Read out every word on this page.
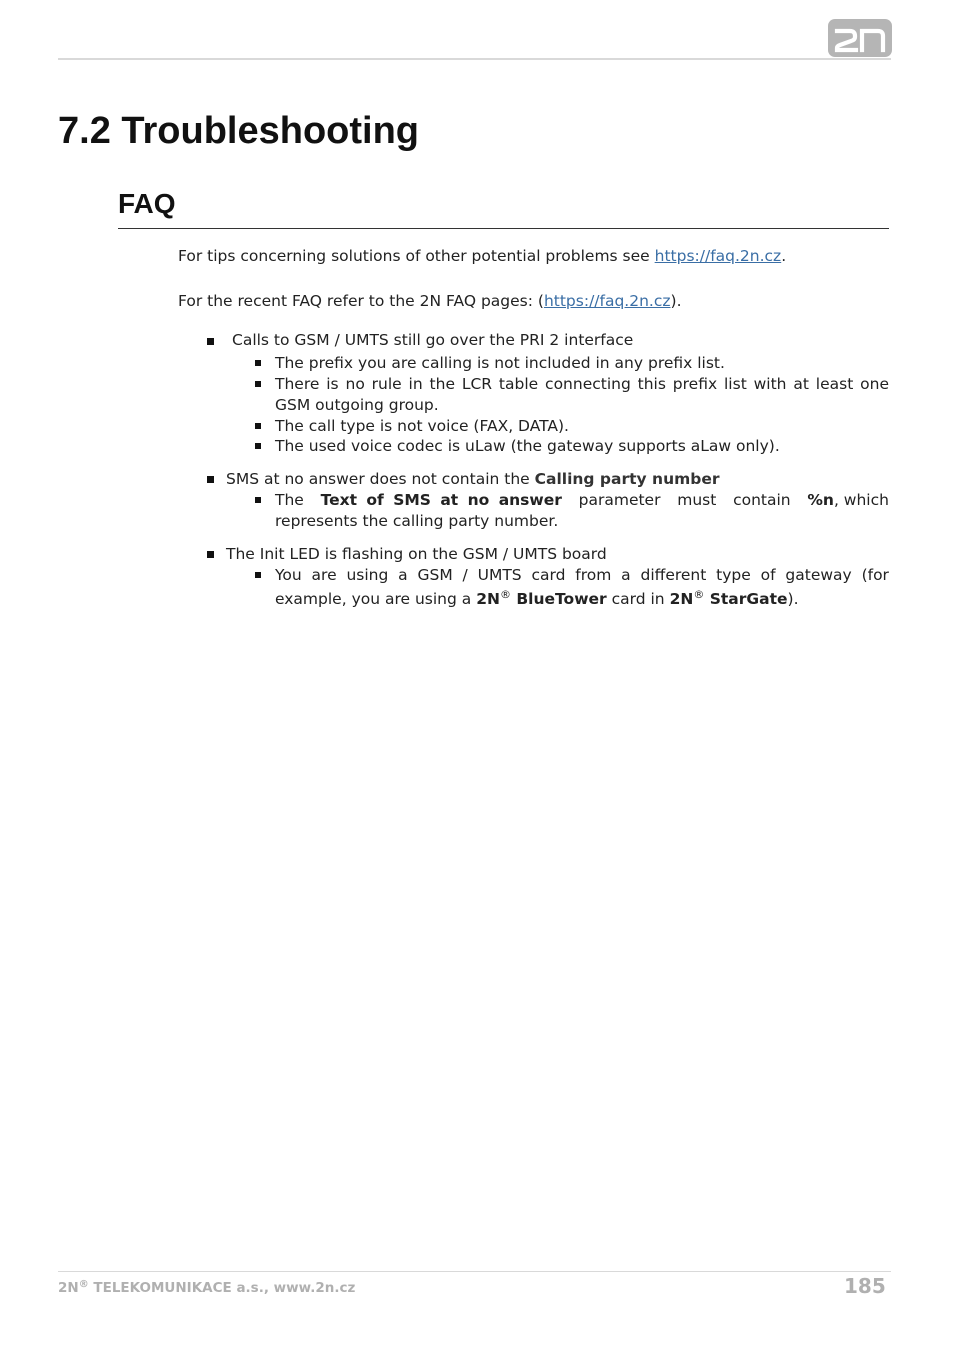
7.2 Troubleshooting
FAQ
For tips concerning solutions of other potential problems see https://faq.2n.cz.
For the recent FAQ refer to the 2N FAQ pages: (https://faq.2n.cz).
Calls to GSM / UMTS still go over the PRI 2 interface
The prefix you are calling is not included in any prefix list.
There is no rule in the LCR table connecting this prefix list with at least one
GSM outgoing group.
The call type is not voice (FAX, DATA).
The used voice codec is uLaw (the gateway supports aLaw only).
SMS at no answer does not contain the Calling party number
The Text of SMS at no answer parameter must contain %n, which
represents the calling party number.
The Init LED is flashing on the GSM / UMTS board
You are using a GSM / UMTS card from a different type of gateway (for
example, you are using a 2N® BlueTower card in 2N® StarGate).
2N® TELEKOMUNIKACE a.s., www.2n.cz	185
